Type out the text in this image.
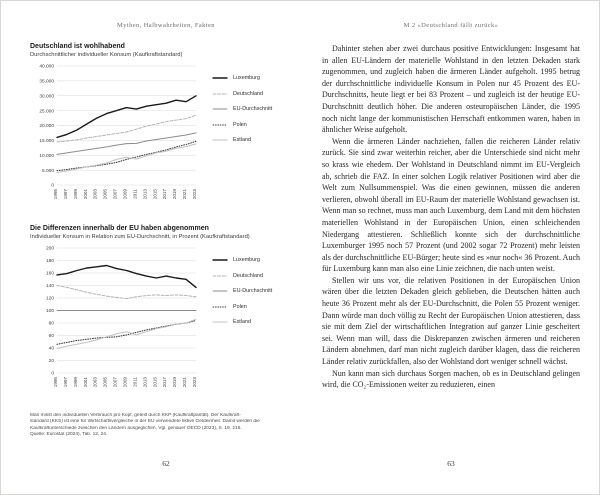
Mythen, Halbwahrheiten, Fakten
Deutschland ist wohlhabend
Durchschnittlicher individueller Konsum (Kaufkraftstandard)
0
5.000
10.000
15.000
20.000
25.000
30.000
35.000
40.000
1995 1997 1999 2001 2003 2005 2007 2009 2011 2013 2015 2017 2019 2021 2023
Luxemburg
Deutschland
EU-Durchschnitt
Polen
Estland
Die Differenzen innerhalb der EU haben abgenommen
Individueller Konsum in Relation zum EU-Durchschnitt, in Prozent (Kaufkraftstandard)
0
20
40
60
80
100
120
140
160
180
200
1995 1997 1999 2001 2003 2005 2007 2009 2011 2013 2015 2017 2019 2021 2023
Luxemburg
Deutschland
EU-Durchschnitt
Polen
Estland
Man misst den individuellen Verbrauch pro Kopf, geteilt durch KKP (Kaufkraftparität). Der Kaufkraft-
standard (KKS) ist eine für Wirtschaftsvergleiche in der EU verwendete fiktive Geldeinheit. Damit werden die
Kaufkraftunterschiede zwischen den Ländern ausgeglichen. Vgl. genauer OECD (2023), S. 19, 216.
Quelle: Eurostat (2024), Tab. 12, 24.
62
M 2 «Deutschland fällt zurück»

Dahinter stehen aber zwei durchaus positive Entwicklungen: Insgesamt hat in allen EU-Ländern der materielle Wohlstand in den letzten Dekaden stark zugenommen, und zugleich haben die ärmeren Länder aufgeholt. 1995 betrug der durchschnittliche individuelle Konsum in Polen nur 45 Prozent des EU-Durchschnitts, heute liegt er bei 83 Prozent – und zugleich ist der heutige EU-Durchschnitt deutlich höher. Die anderen osteuropäischen Länder, die 1995 noch nicht lange der kommunistischen Herrschaft entkommen waren, haben in ähnlicher Weise aufgeholt.

Wenn die ärmeren Länder nachziehen, fallen die reicheren Länder relativ zurück. Sie sind zwar weiterhin reicher, aber die Unterschiede sind nicht mehr so krass wie ehedem. Der Wohlstand in Deutschland nimmt im EU-Vergleich ab, schrieb die FAZ. In einer solchen Logik relativer Positionen wird aber die Welt zum Nullsummenspiel. Was die einen gewinnen, müssen die anderen verlieren, obwohl überall im EU-Raum der materielle Wohlstand gewachsen ist. Wenn man so rechnet, muss man auch Luxemburg, dem Land mit dem höchsten materiellen Wohlstand in der Europäischen Union, einen schleichenden Niedergang attestieren. Schließlich konnte sich der durchschnittliche Luxemburger 1995 noch 57 Prozent (und 2002 sogar 72 Prozent) mehr leisten als der durchschnittliche EU-Bürger; heute sind es »nur noch« 36 Prozent. Auch für Luxemburg kann man also eine Linie zeichnen, die nach unten weist.

Stellen wir uns vor, die relativen Positionen in der Europäischen Union wären über die letzten Dekaden gleich geblieben, die Deutschen hätten auch heute 36 Prozent mehr als der EU-Durchschnitt, die Polen 55 Prozent weniger. Dann würde man doch völlig zu Recht der Europäischen Union attestieren, dass sie mit dem Ziel der wirtschaftlichen Integration auf ganzer Linie gescheitert sei. Wenn man will, dass die Diskrepanzen zwischen ärmeren und reicheren Ländern abnehmen, darf man nicht zugleich darüber klagen, dass die reicheren Länder relativ zurückfallen, also der Wohlstand dort weniger schnell wächst.

Nun kann man sich durchaus Sorgen machen, ob es in Deutschland gelingen wird, die CO₂-Emissionen weiter zu reduzieren, einen

63
